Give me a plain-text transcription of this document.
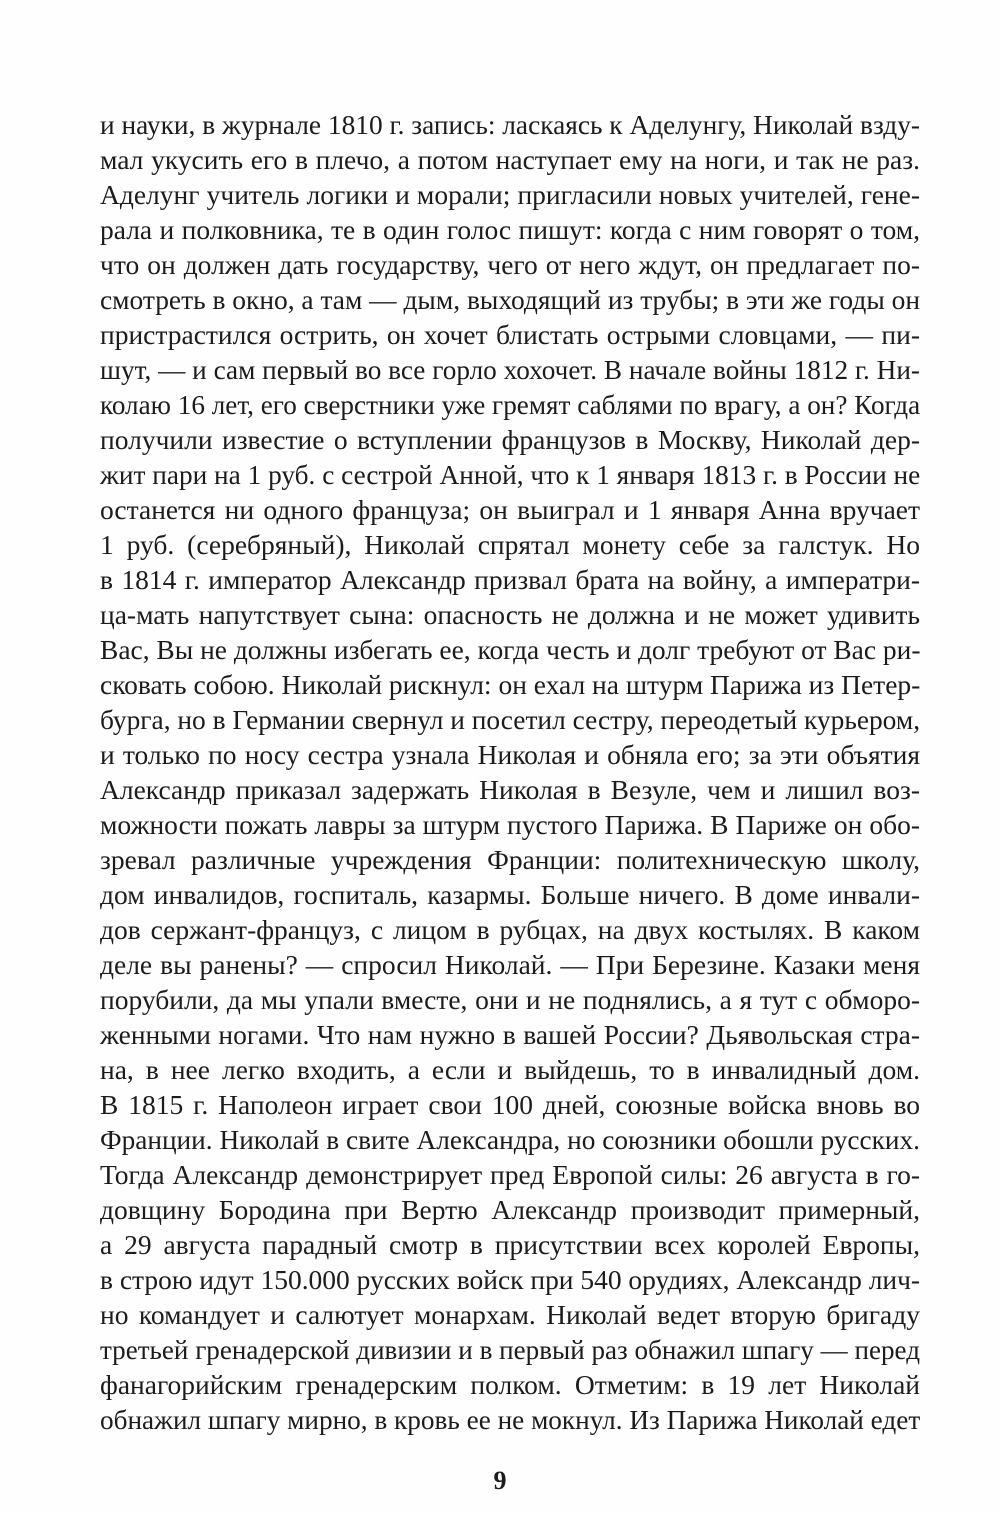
и науки, в журнале 1810 г. запись: ласкаясь к Аделунгу, Николай взду-
мал укусить его в плечо, а потом наступает ему на ноги, и так не раз.
Аделунг учитель логики и морали; пригласили новых учителей, гене-
рала и полковника, те в один голос пишут: когда с ним говорят о том,
что он должен дать государству, чего от него ждут, он предлагает по-
смотреть в окно, а там — дым, выходящий из трубы; в эти же годы он
пристрастился острить, он хочет блистать острыми словцами, — пи-
шут, — и сам первый во все горло хохочет. В начале войны 1812 г. Ни-
колаю 16 лет, его сверстники уже гремят саблями по врагу, а он? Когда
получили известие о вступлении французов в Москву, Николай дер-
жит пари на 1 руб. с сестрой Анной, что к 1 января 1813 г. в России не
останется ни одного француза; он выиграл и 1 января Анна вручает
1 руб. (серебряный), Николай спрятал монету себе за галстук. Но
в 1814 г. император Александр призвал брата на войну, а императри-
ца-мать напутствует сына: опасность не должна и не может удивить
Вас, Вы не должны избегать ее, когда честь и долг требуют от Вас ри-
сковать собою. Николай рискнул: он ехал на штурм Парижа из Петер-
бурга, но в Германии свернул и посетил сестру, переодетый курьером,
и только по носу сестра узнала Николая и обняла его; за эти объятия
Александр приказал задержать Николая в Везуле, чем и лишил воз-
можности пожать лавры за штурм пустого Парижа. В Париже он обо-
зревал различные учреждения Франции: политехническую школу,
дом инвалидов, госпиталь, казармы. Больше ничего. В доме инвали-
дов сержант-француз, с лицом в рубцах, на двух костылях. В каком
деле вы ранены? — спросил Николай. — При Березине. Казаки меня
порубили, да мы упали вместе, они и не поднялись, а я тут с обморо-
женными ногами. Что нам нужно в вашей России? Дьявольская стра-
на, в нее легко входить, а если и выйдешь, то в инвалидный дом.
В 1815 г. Наполеон играет свои 100 дней, союзные войска вновь во
Франции. Николай в свите Александра, но союзники обошли русских.
Тогда Александр демонстрирует пред Европой силы: 26 августа в го-
довщину Бородина при Вертю Александр производит примерный,
а 29 августа парадный смотр в присутствии всех королей Европы,
в строю идут 150.000 русских войск при 540 орудиях, Александр лич-
но командует и салютует монархам. Николай ведет вторую бригаду
третьей гренадерской дивизии и в первый раз обнажил шпагу — перед
фанагорийским гренадерским полком. Отметим: в 19 лет Николай
обнажил шпагу мирно, в кровь ее не мокнул. Из Парижа Николай едет
9
